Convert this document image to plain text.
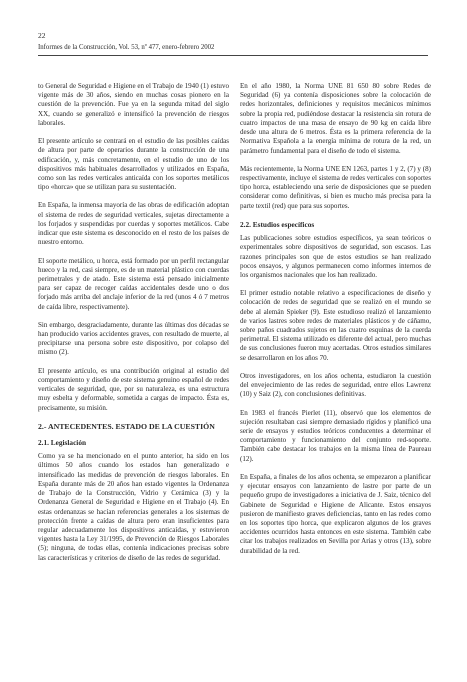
22
Informes de la Construcción, Vol. 53, nº 477, enero-febrero 2002

to General de Seguridad e Higiene en el Trabajo de 1940 (1) estuvo vigente más de 30 años, siendo en muchas cosas pionero en la cuestión de la prevención. Fue ya en la segunda mitad del siglo XX, cuando se generalizó e intensificó la prevención de riesgos laborales.

El presente artículo se centrará en el estudio de las posibles caídas de altura por parte de operarios durante la construcción de una edificación, y, más concretamente, en el estudio de uno de los dispositivos más habituales desarrollados y utilizados en España, como son las redes verticales anticaída con los soportes metálicos tipo «horca» que se utilizan para su sustentación.

En España, la inmensa mayoría de las obras de edificación adoptan el sistema de redes de seguridad verticales, sujetas directamente a los forjados y suspendidas por cuerdas y soportes metálicos. Cabe indicar que este sistema es desconocido en el resto de los países de nuestro entorno.

El soporte metálico, u horca, está formado por un perfil rectangular hueco y la red, casi siempre, es de un material plástico con cuerdas perimetrales y de atado. Este sistema está pensado inicialmente para ser capaz de recoger caídas accidentales desde uno o dos forjado más arriba del anclaje inferior de la red (unos 4 ó 7 metros de caída libre, respectivamente).

Sin embargo, desgraciadamente, durante las últimas dos décadas se han producido varios accidentes graves, con resultado de muerte, al precipitarse una persona sobre este dispositivo, por colapso del mismo (2).

El presente artículo, es una contribución original al estudio del comportamiento y diseño de este sistema genuino español de redes verticales de seguridad, que, por su naturaleza, es una estructura muy esbelta y deformable, sometida a cargas de impacto. Ésta es, precisamente, su misión.

2.- ANTECEDENTES. ESTADO DE LA CUESTIÓN
2.1. Legislación

Como ya se ha mencionado en el punto anterior, ha sido en los últimos 50 años cuando los estados han generalizado e intensificado las medidas de prevención de riesgos laborales. En España durante más de 20 años han estado vigentes la Ordenanza de Trabajo de la Construcción, Vidrio y Cerámica (3) y la Ordenanza General de Seguridad e Higiene en el Trabajo (4). En estas ordenanzas se hacían referencias generales a los sistemas de protección frente a caídas de altura pero eran insuficientes para regular adecuadamente los dispositivos anticaídas, y estuvieron vigentes hasta la Ley 31/1995, de Prevención de Riesgos Laborales (5); ninguna, de todas ellas, contenía indicaciones precisas sobre las características y criterios de diseño de las redes de seguridad.

En el año 1980, la Norma UNE 81 650 80 sobre Redes de Seguridad (6) ya contenía disposiciones sobre la colocación de redes horizontales, definiciones y requisitos mecánicos mínimos sobre la propia red, pudiéndose destacar la resistencia sin rotura de cuatro impactos de una masa de ensayo de 90 kg en caída libre desde una altura de 6 metros. Ésta es la primera referencia de la Normativa Española a la energía mínima de rotura de la red, un parámetro fundamental para el diseño de todo el sistema.

Más recientemente, la Norma UNE EN 1263, partes 1 y 2, (7) y (8) respectivamente, incluye el sistema de redes verticales con soportes tipo horca, estableciendo una serie de disposiciones que se pueden considerar como definitivas, si bien es mucho más precisa para la parte textil (red) que para sus soportes.

2.2. Estudios específicos

Las publicaciones sobre estudios específicos, ya sean teóricos o experimentales sobre dispositivos de seguridad, son escasos. Las razones principales son que de estos estudios se han realizado pocos ensayos, y algunos permanecen como informes internos de los organismos nacionales que los han realizado.

El primer estudio notable relativo a especificaciones de diseño y colocación de redes de seguridad que se realizó en el mundo se debe al alemán Spieker (9). Este estudioso realizó el lanzamiento de varios lastres sobre redes de materiales plásticos y de cáñamo, sobre paños cuadrados sujetos en las cuatro esquinas de la cuerda perimetral. El sistema utilizado es diferente del actual, pero muchas de sus conclusiones fueron muy acertadas. Otros estudios similares se desarrollaron en los años 70.

Otros investigadores, en los años ochenta, estudiaron la cuestión del envejecimiento de las redes de seguridad, entre ellos Lawrenz (10) y Saiz (2), con conclusiones definitivas.

En 1983 el francés Pierlet (11), observó que los elementos de sujeción resultaban casi siempre demasiado rígidos y planificó una serie de ensayos y estudios teóricos conducentes a determinar el comportamiento y funcionamiento del conjunto red-soporte. También cabe destacar los trabajos en la misma línea de Paureau (12).

En España, a finales de los años ochenta, se empezaron a planificar y ejecutar ensayos con lanzamiento de lastre por parte de un pequeño grupo de investigadores a iniciativa de J. Saiz, técnico del Gabinete de Seguridad e Higiene de Alicante. Estos ensayos pusieron de manifiesto graves deficiencias, tanto en las redes como en los soportes tipo horca, que explicaron algunos de los graves accidentes ocurridos hasta entonces en este sistema. También cabe citar los trabajos realizados en Sevilla por Arias y otros (13), sobre durabilidad de la red.
